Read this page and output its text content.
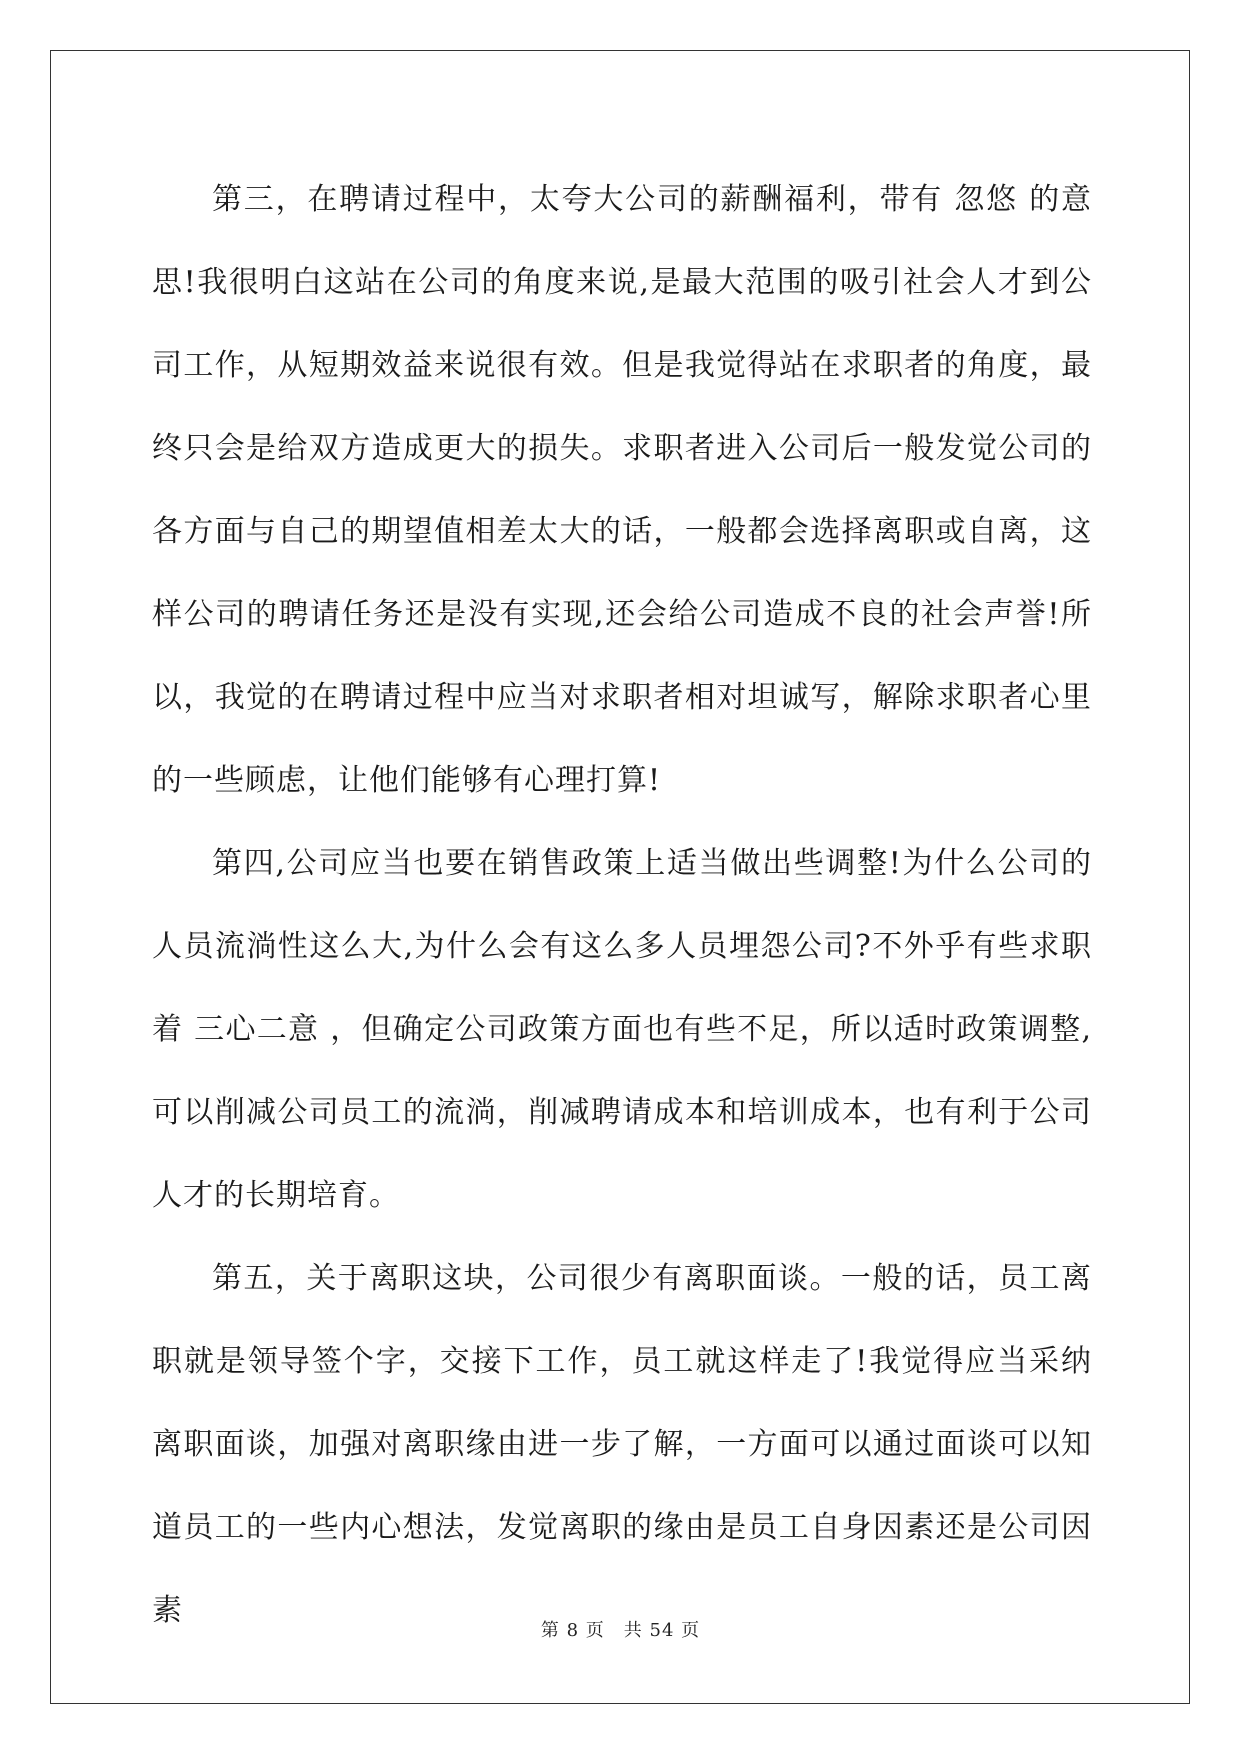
第三，在聘请过程中，太夸大公司的薪酬福利，带有 忽悠 的意思!我很明白这站在公司的角度来说,是最大范围的吸引社会人才到公司工作，从短期效益来说很有效。但是我觉得站在求职者的角度，最终只会是给双方造成更大的损失。求职者进入公司后一般发觉公司的各方面与自己的期望值相差太大的话，一般都会选择离职或自离，这样公司的聘请任务还是没有实现,还会给公司造成不良的社会声誉!所以，我觉的在聘请过程中应当对求职者相对坦诚写，解除求职者心里的一些顾虑，让他们能够有心理打算!

第四,公司应当也要在销售政策上适当做出些调整!为什么公司的人员流淌性这么大,为什么会有这么多人员埋怨公司?不外乎有些求职着 三心二意 ，但确定公司政策方面也有些不足，所以适时政策调整,可以削减公司员工的流淌，削减聘请成本和培训成本，也有利于公司人才的长期培育。

第五，关于离职这块，公司很少有离职面谈。一般的话，员工离职就是领导签个字，交接下工作，员工就这样走了!我觉得应当采纳离职面谈，加强对离职缘由进一步了解，一方面可以通过面谈可以知道员工的一些内心想法，发觉离职的缘由是员工自身因素还是公司因素

第 8 页　共 54 页
